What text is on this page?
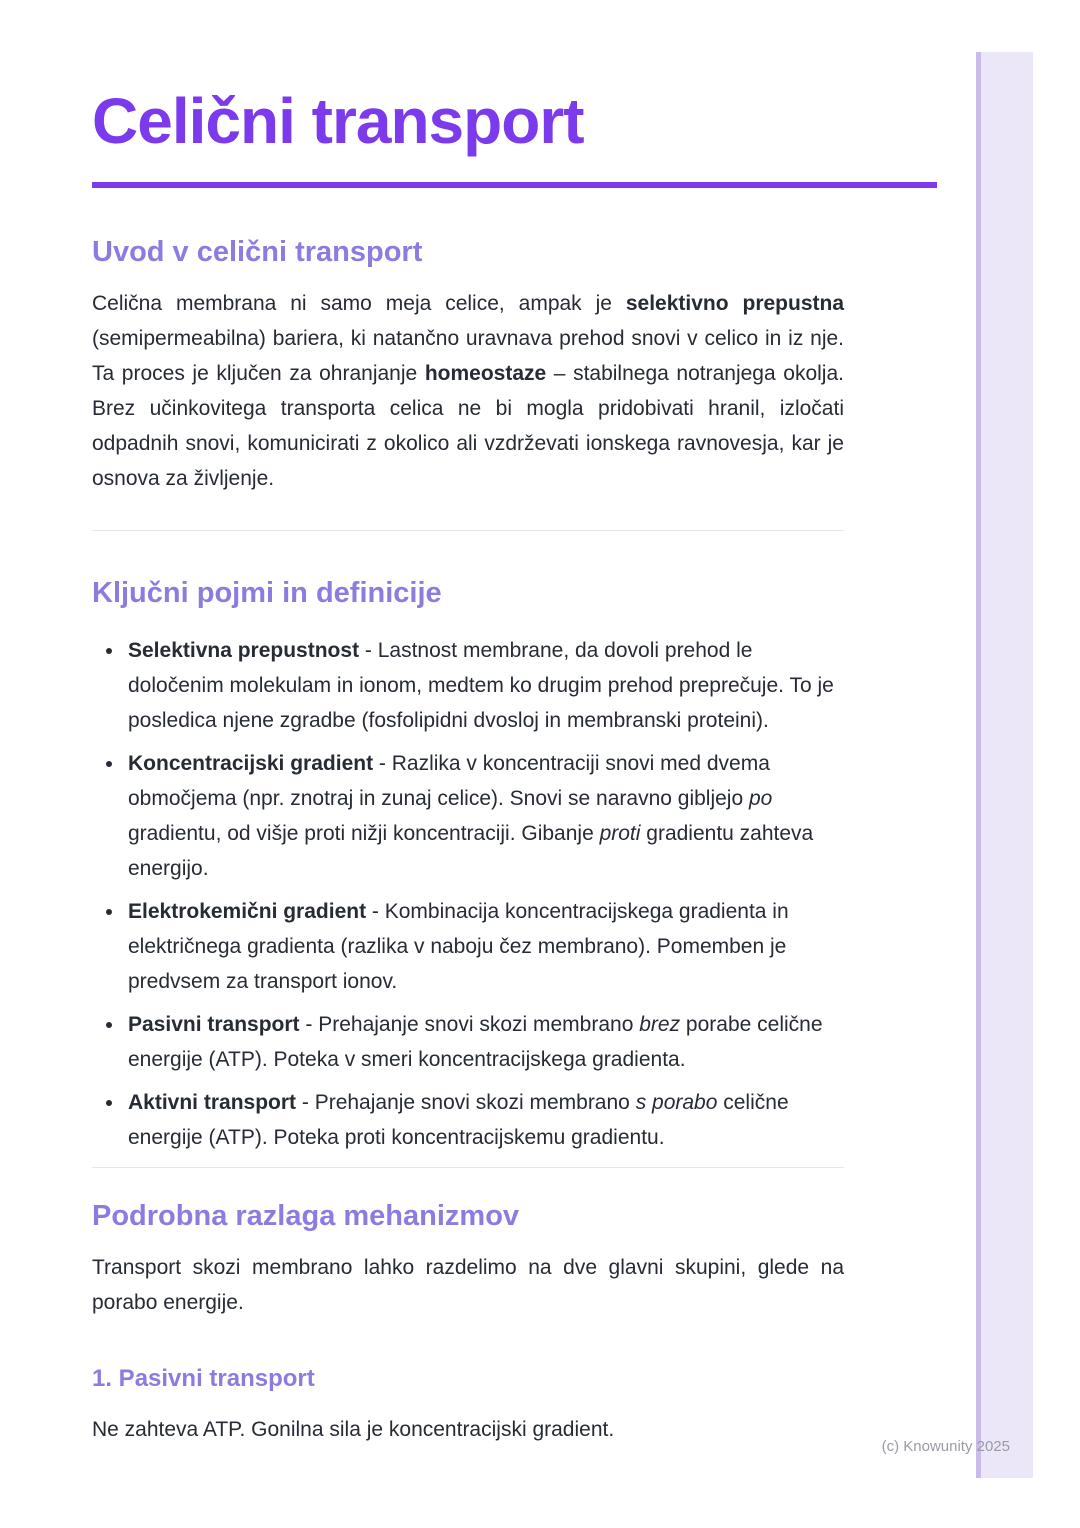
Celični transport
Uvod v celični transport

Celična membrana ni samo meja celice, ampak je selektivno prepustna (semipermeabilna) bariera, ki natančno uravnava prehod snovi v celico in iz nje. Ta proces je ključen za ohranjanje homeostaze – stabilnega notranjega okolja. Brez učinkovitega transporta celica ne bi mogla pridobivati hranil, izločati odpadnih snovi, komunicirati z okolico ali vzdrževati ionskega ravnovesja, kar je osnova za življenje.

Ključni pojmi in definicije
• Selektivna prepustnost - Lastnost membrane, da dovoli prehod le določenim molekulam in ionom, medtem ko drugim prehod preprečuje. To je posledica njene zgradbe (fosfolipidni dvosloj in membranski proteini).
• Koncentracijski gradient - Razlika v koncentraciji snovi med dvema območjema (npr. znotraj in zunaj celice). Snovi se naravno gibljejo po gradientu, od višje proti nižji koncentraciji. Gibanje proti gradientu zahteva energijo.
• Elektrokemični gradient - Kombinacija koncentracijskega gradienta in električnega gradienta (razlika v naboju čez membrano). Pomemben je predvsem za transport ionov.
• Pasivni transport - Prehajanje snovi skozi membrano brez porabe celične energije (ATP). Poteka v smeri koncentracijskega gradienta.
• Aktivni transport - Prehajanje snovi skozi membrano s porabo celične energije (ATP). Poteka proti koncentracijskemu gradientu.
Podrobna razlaga mehanizmov

Transport skozi membrano lahko razdelimo na dve glavni skupini, glede na porabo energije.

1. Pasivni transport

Ne zahteva ATP. Gonilna sila je koncentracijski gradient.

(c) Knowunity 2025
